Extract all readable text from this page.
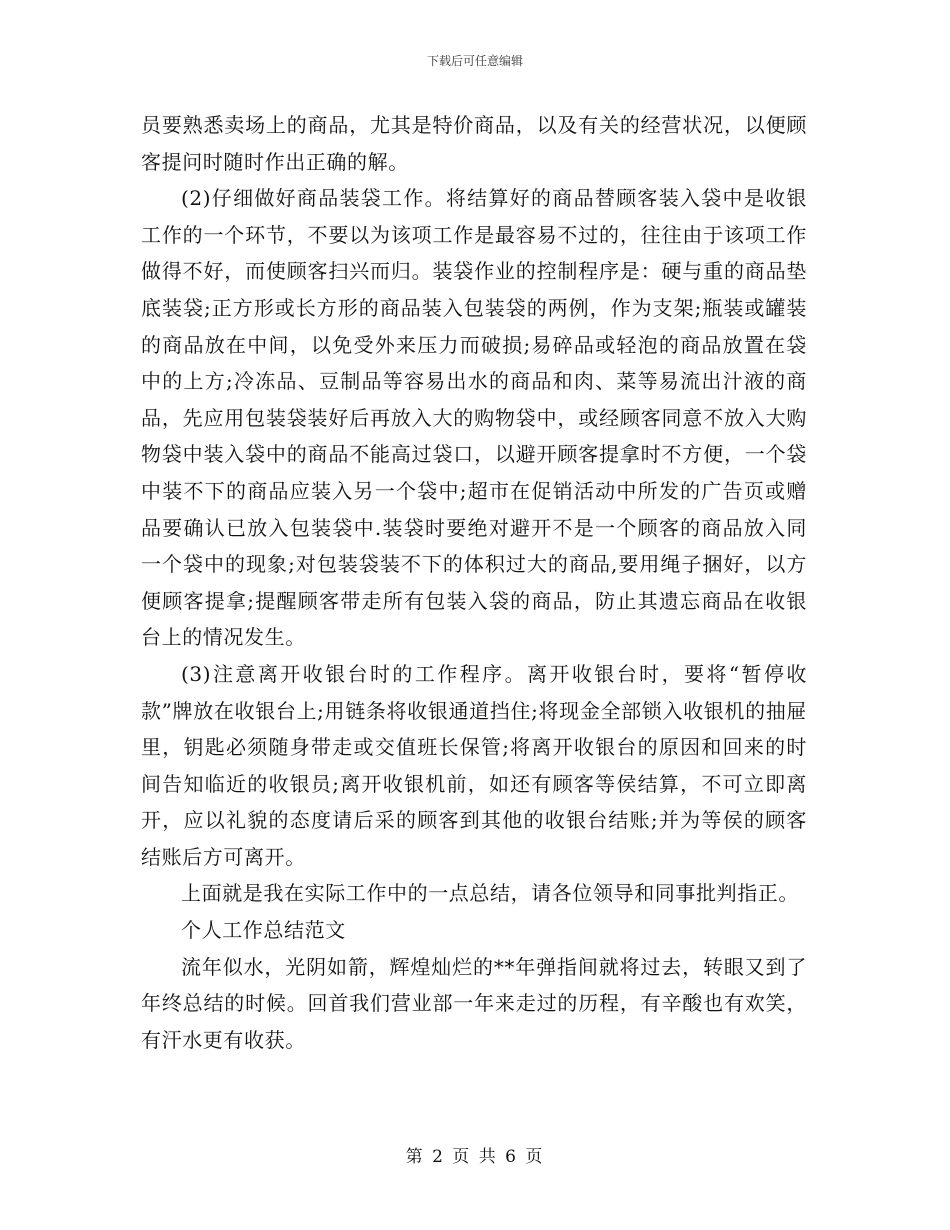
下载后可任意编辑

员要熟悉卖场上的商品，尤其是特价商品，以及有关的经营状况，以便顾客提问时随时作出正确的解。

(2)仔细做好商品装袋工作。将结算好的商品替顾客装入袋中是收银工作的一个环节，不要以为该项工作是最容易不过的，往往由于该项工作做得不好，而使顾客扫兴而归。装袋作业的控制程序是：硬与重的商品垫底装袋;正方形或长方形的商品装入包装袋的两例，作为支架;瓶装或罐装的商品放在中间，以免受外来压力而破损;易碎品或轻泡的商品放置在袋中的上方;冷冻品、豆制品等容易出水的商品和肉、菜等易流出汁液的商品，先应用包装袋装好后再放入大的购物袋中，或经顾客同意不放入大购物袋中装入袋中的商品不能高过袋口，以避开顾客提拿时不方便，一个袋中装不下的商品应装入另一个袋中;超市在促销活动中所发的广告页或赠品要确认已放入包装袋中.装袋时要绝对避开不是一个顾客的商品放入同一个袋中的现象;对包装袋装不下的体积过大的商品,要用绳子捆好，以方便顾客提拿;提醒顾客带走所有包装入袋的商品，防止其遗忘商品在收银台上的情况发生。

(3)注意离开收银台时的工作程序。离开收银台时，要将“暂停收款”牌放在收银台上;用链条将收银通道挡住;将现金全部锁入收银机的抽屉里，钥匙必须随身带走或交值班长保管;将离开收银台的原因和回来的时间告知临近的收银员;离开收银机前，如还有顾客等侯结算，不可立即离开，应以礼貌的态度请后采的顾客到其他的收银台结账;并为等侯的顾客结账后方可离开。

上面就是我在实际工作中的一点总结，请各位领导和同事批判指正。

个人工作总结范文

流年似水，光阴如箭，辉煌灿烂的**年弹指间就将过去，转眼又到了年终总结的时候。回首我们营业部一年来走过的历程，有辛酸也有欢笑，有汗水更有收获。

第 2 页 共 6 页
